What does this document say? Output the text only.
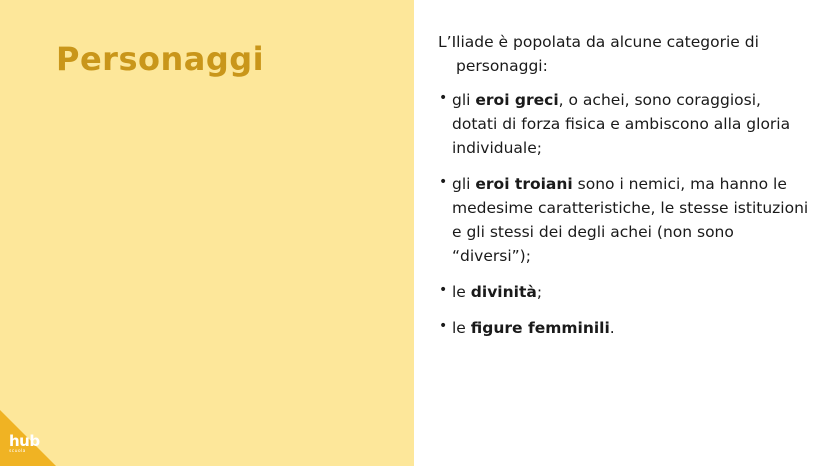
Personaggi
hub
scuola

L’Iliade è popolata da alcune categorie di personaggi:

• gli eroi greci, o achei, sono coraggiosi, dotati di forza fisica e ambiscono alla gloria individuale;
• gli eroi troiani sono i nemici, ma hanno le medesime caratteristiche, le stesse istituzioni e gli stessi dei degli achei (non sono “diversi”);
• le divinità;
• le figure femminili.
